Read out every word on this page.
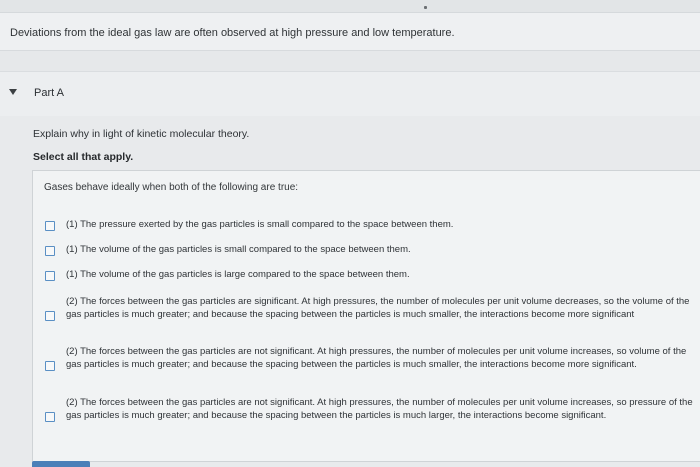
Deviations from the ideal gas law are often observed at high pressure and low temperature.
Part A
Explain why in light of kinetic molecular theory.
Select all that apply.
Gases behave ideally when both of the following are true:
(1) The pressure exerted by the gas particles is small compared to the space between them.
(1) The volume of the gas particles is small compared to the space between them.
(1) The volume of the gas particles is large compared to the space between them.
(2) The forces between the gas particles are significant. At high pressures, the number of molecules per unit volume decreases, so the volume of the gas particles is much greater; and because the spacing between the particles is much smaller, the interactions become more significant
(2) The forces between the gas particles are not significant. At high pressures, the number of molecules per unit volume increases, so volume of the gas particles is much greater; and because the spacing between the particles is much smaller, the interactions become more significant.
(2) The forces between the gas particles are not significant. At high pressures, the number of molecules per unit volume increases, so pressure of the gas particles is much greater; and because the spacing between the particles is much larger, the interactions become significant.
